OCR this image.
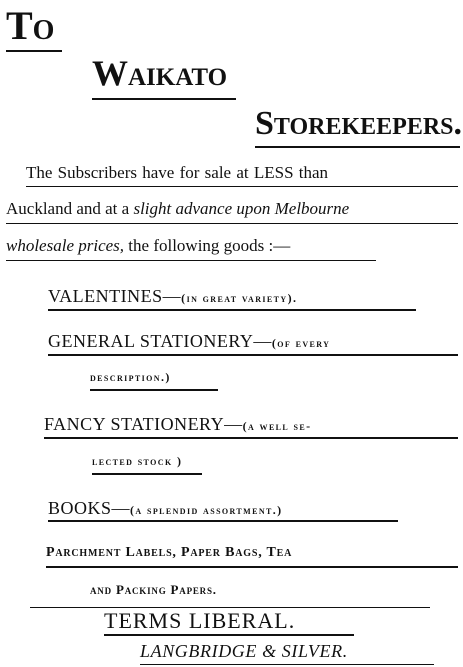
To
Waikato
Storekeepers.
The Subscribers have for sale at LESS than
Auckland and at a slight advance upon Melbourne
wholesale prices, the following goods :—
VALENTINES—(in great variety).
GENERAL STATIONERY—(of every
description.)
FANCY STATIONERY—(a well se-
lected stock )
BOOKS—(a splendid assortment.)
Parchment Labels, Paper Bags, Tea
and Packing Papers.
TERMS LIBERAL.
LANGBRIDGE & SILVER.
